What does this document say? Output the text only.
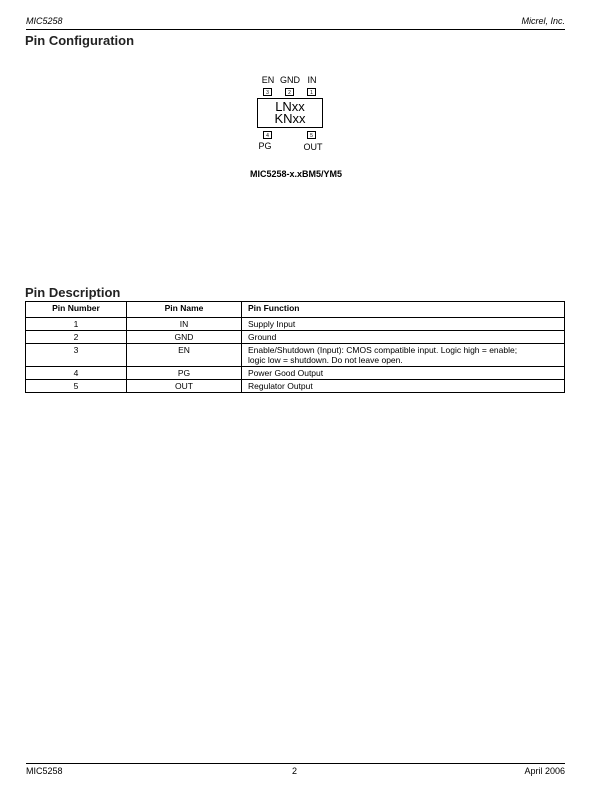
MIC5258	Micrel, Inc.
Pin Configuration
EN GND IN
3	2	1
LNxx
KNxx
4	5
PG	OUT
MIC5258-x.xBM5/YM5
Pin Description
Pin Number	Pin Name	Pin Function
1	IN	Supply Input
2	GND	Ground
3	EN	Enable/Shutdown (Input): CMOS compatible input. Logic high = enable;
logic low = shutdown. Do not leave open.

4	PG	Power Good Output
5	OUT	Regulator Output
MIC5258	2	April 2006
